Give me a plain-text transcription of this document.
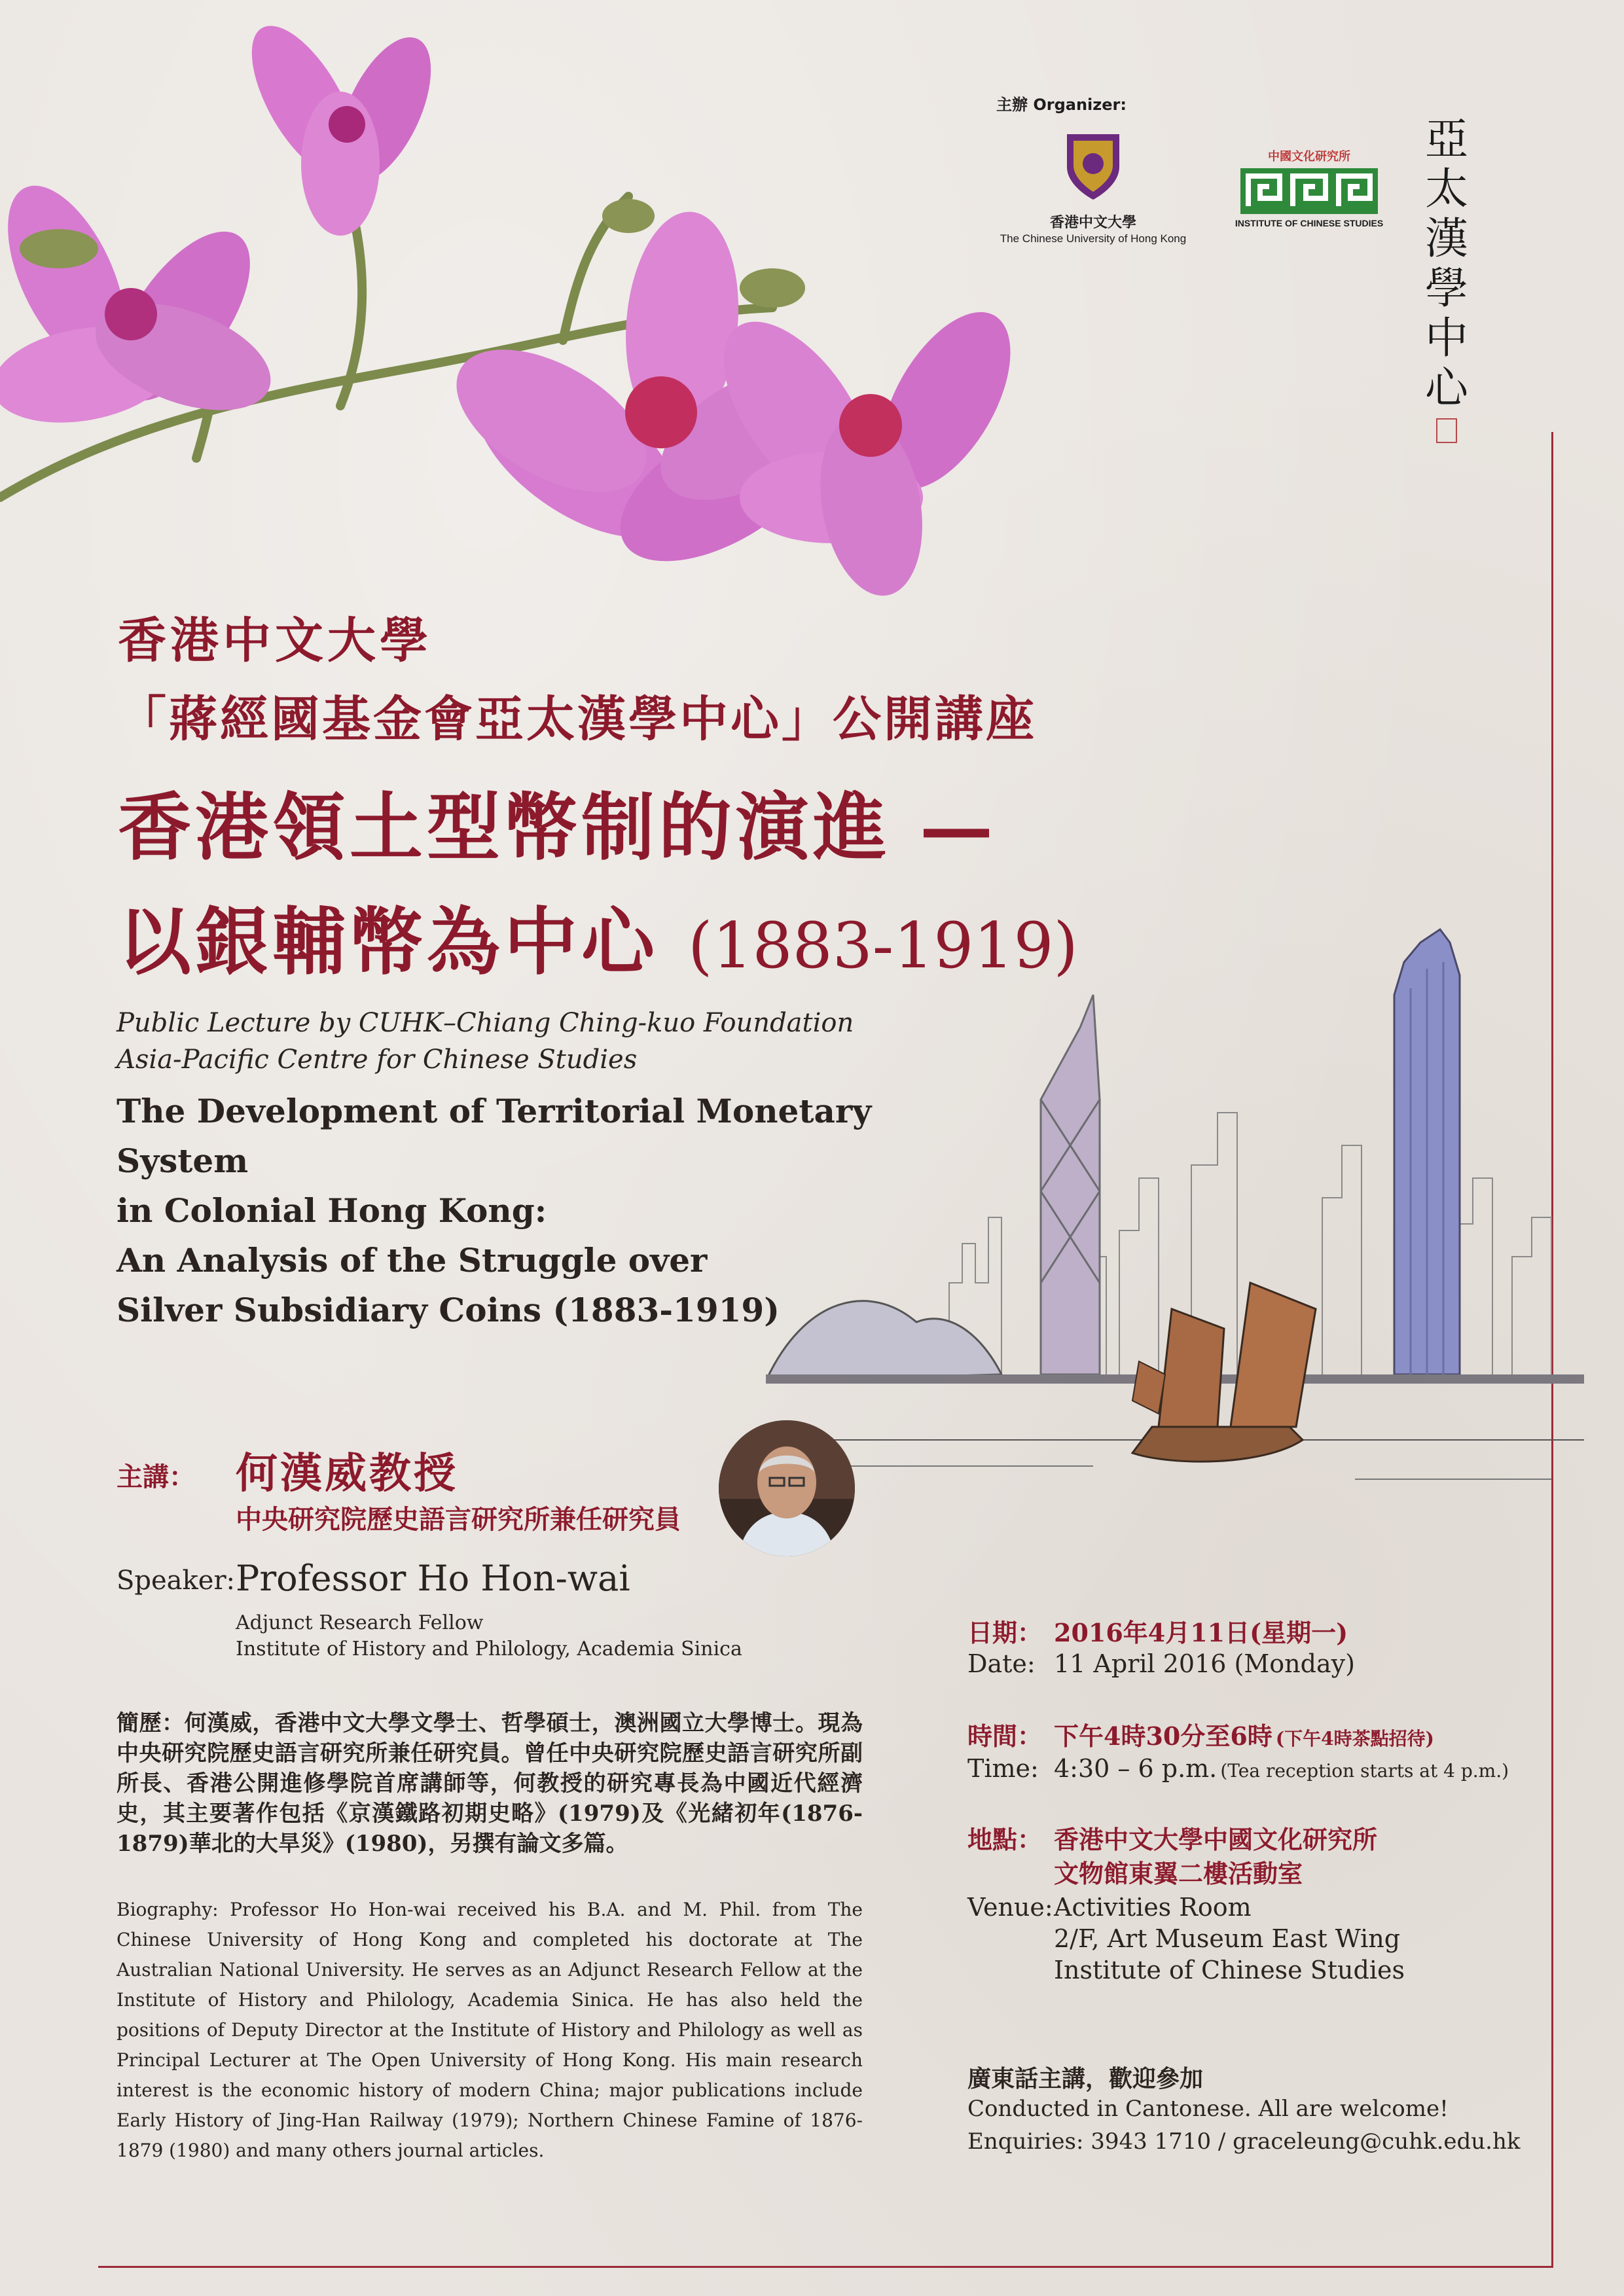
主辦 Organizer:
香港中文大學
The Chinese University of Hong Kong
中國文化研究所
INSTITUTE OF CHINESE STUDIES
亞
太
漢
學
中
心
香港中文大學
「蔣經國基金會亞太漢學中心」公開講座
香港領土型幣制的演進 —
以銀輔幣為中心 (1883-1919)
Public Lecture by CUHK–Chiang Ching-kuo Foundation
Asia-Pacific Centre for Chinese Studies
The Development of Territorial Monetary System
in Colonial Hong Kong:
An Analysis of the Struggle over
Silver Subsidiary Coins (1883-1919)
主講： 何漢威教授
中央研究院歷史語言研究所兼任研究員
Speaker: Professor Ho Hon-wai
Adjunct Research Fellow
Institute of History and Philology, Academia Sinica
簡歷：何漢威，香港中文大學文學士、哲學碩士，澳洲國立大學博士。現為中央研究院歷史語言研究所兼任研究員。曾任中央研究院歷史語言研究所副所長、香港公開進修學院首席講師等，何教授的研究專長為中國近代經濟史，其主要著作包括《京漢鐵路初期史略》(1979)及《光緒初年(1876-1879)華北的大旱災》(1980)，另撰有論文多篇。
Biography: Professor Ho Hon-wai received his B.A. and M. Phil. from The Chinese University of Hong Kong and completed his doctorate at The Australian National University. He serves as an Adjunct Research Fellow at the Institute of History and Philology, Academia Sinica. He has also held the positions of Deputy Director at the Institute of History and Philology as well as Principal Lecturer at The Open University of Hong Kong. His main research interest is the economic history of modern China; major publications include Early History of Jing-Han Railway (1979); Northern Chinese Famine of 1876-1879 (1980) and many others journal articles.
日期： 2016年4月11日(星期一)
Date: 11 April 2016 (Monday)
時間： 下午4時30分至6時 (下午4時茶點招待)
Time: 4:30 – 6 p.m. (Tea reception starts at 4 p.m.)
地點： 香港中文大學中國文化研究所
文物館東翼二樓活動室
Venue: Activities Room
2/F, Art Museum East Wing
Institute of Chinese Studies
廣東話主講，歡迎參加
Conducted in Cantonese. All are welcome!
Enquiries: 3943 1710 / graceleung@cuhk.edu.hk
